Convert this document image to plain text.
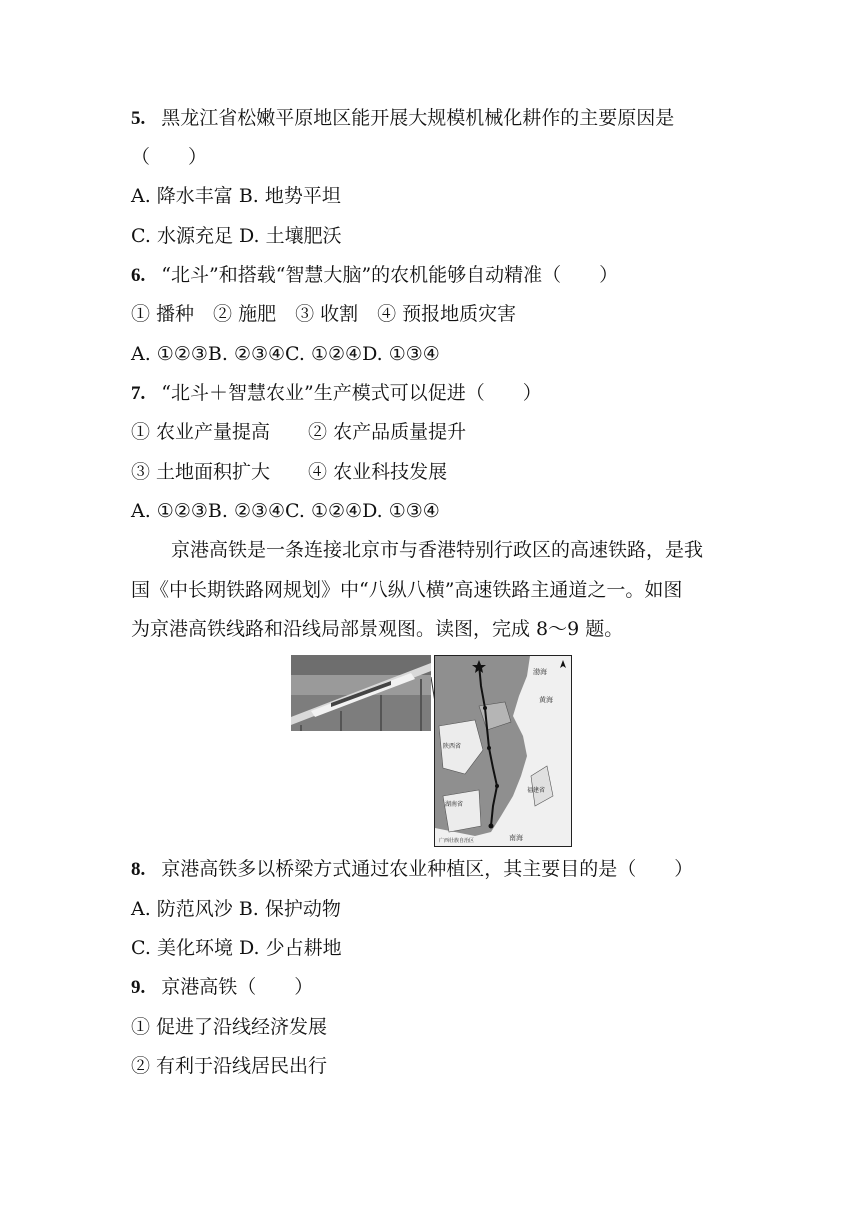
5. 黑龙江省松嫩平原地区能开展大规模机械化耕作的主要原因是
（　　）
A. 降水丰富 B. 地势平坦
C. 水源充足 D. 土壤肥沃
6. “北斗”和搭载“智慧大脑”的农机能够自动精准（　　）
① 播种　② 施肥　③ 收割　④ 预报地质灾害
A. ①②③B. ②③④C. ①②④D. ①③④
7. “北斗＋智慧农业”生产模式可以促进（　　）
① 农业产量提高　　② 农产品质量提升
③ 土地面积扩大　　④ 农业科技发展
A. ①②③B. ②③④C. ①②④D. ①③④
京港高铁是一条连接北京市与香港特别行政区的高速铁路，是我
国《中长期铁路网规划》中“八纵八横”高速铁路主通道之一。如图
为京港高铁线路和沿线局部景观图。读图，完成 8～9 题。
黄海
渤海
湖南省
福建省
陕西省
广西壮族自治区	南海
8. 京港高铁多以桥梁方式通过农业种植区，其主要目的是（　　）
A. 防范风沙 B. 保护动物
C. 美化环境 D. 少占耕地
9. 京港高铁（　　）
① 促进了沿线经济发展
② 有利于沿线居民出行
